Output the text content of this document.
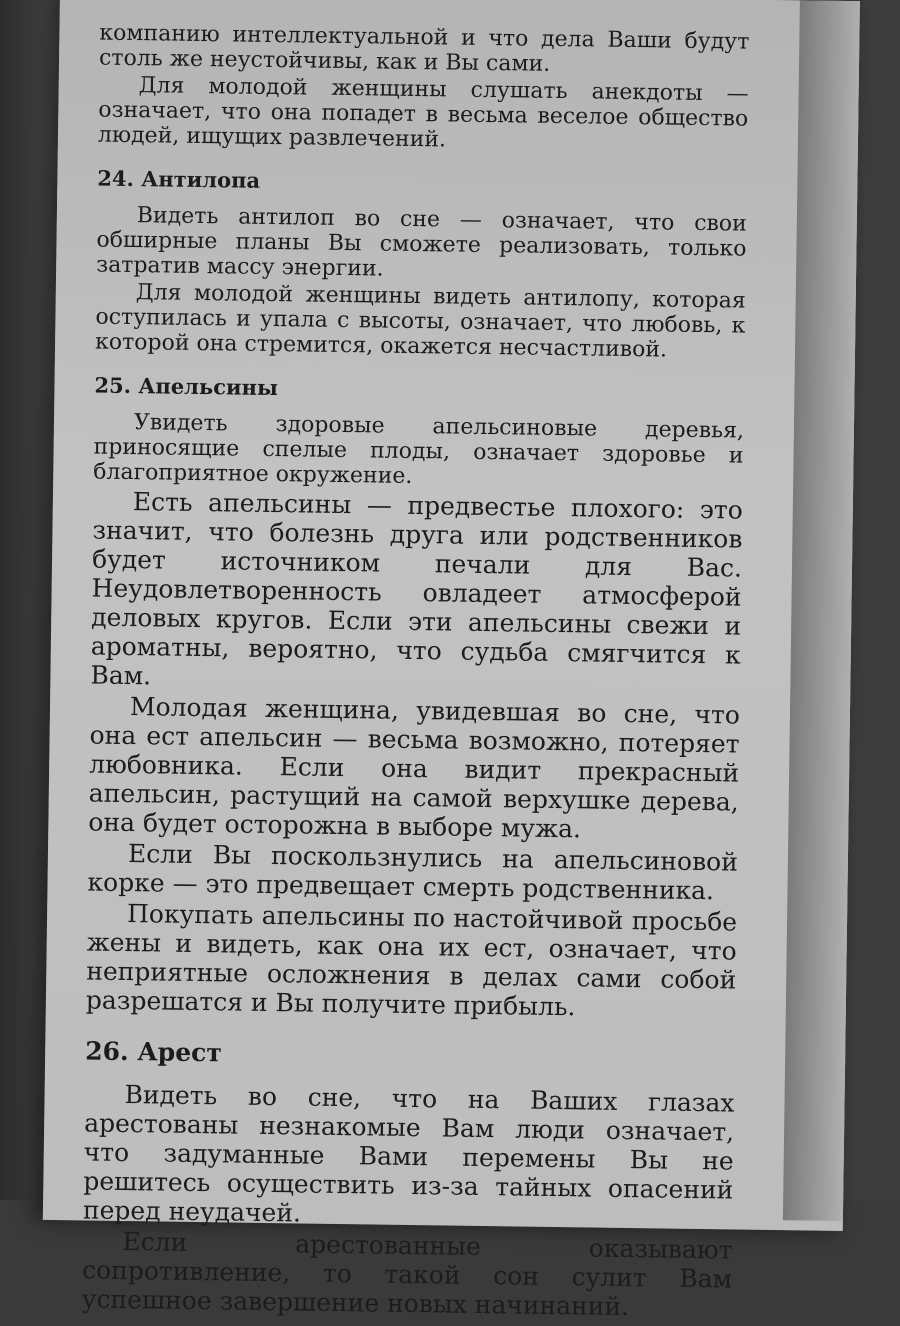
компанию интеллектуальной и что дела Ваши будут столь же неустойчивы, как и Вы сами.

Для молодой женщины слушать анекдоты — означает, что она попадет в весьма веселое общество людей, ищущих развлечений.

24. Антилопа

Видеть антилоп во сне — означает, что свои обширные планы Вы сможете реализовать, только затратив массу энергии.

Для молодой женщины видеть антилопу, которая оступилась и упала с высоты, означает, что любовь, к которой она стремится, окажется несчастливой.

25. Апельсины

Увидеть здоровые апельсиновые деревья, приносящие спелые плоды, означает здоровье и благоприятное окружение.

Есть апельсины — предвестье плохого: это значит, что болезнь друга или родственников будет источником печали для Вас. Неудовлетворенность овладеет атмосферой деловых кругов. Если эти апельсины свежи и ароматны, вероятно, что судьба смягчится к Вам.

Молодая женщина, увидевшая во сне, что она ест апельсин — весьма возможно, потеряет любовника. Если она видит прекрасный апельсин, растущий на самой верхушке дерева, она будет осторожна в выборе мужа.

Если Вы поскользнулись на апельсиновой корке — это предвещает смерть родственника.

Покупать апельсины по настойчивой просьбе жены и видеть, как она их ест, означает, что неприятные осложнения в делах сами собой разрешатся и Вы получите прибыль.

26. Арест

Видеть во сне, что на Ваших глазах арестованы незнакомые Вам люди означает, что задуманные Вами перемены Вы не решитесь осуществить из-за тайных опасений перед неудачей.

Если арестованные оказывают сопротивление, то такой сон сулит Вам успешное завершение новых начинаний.
